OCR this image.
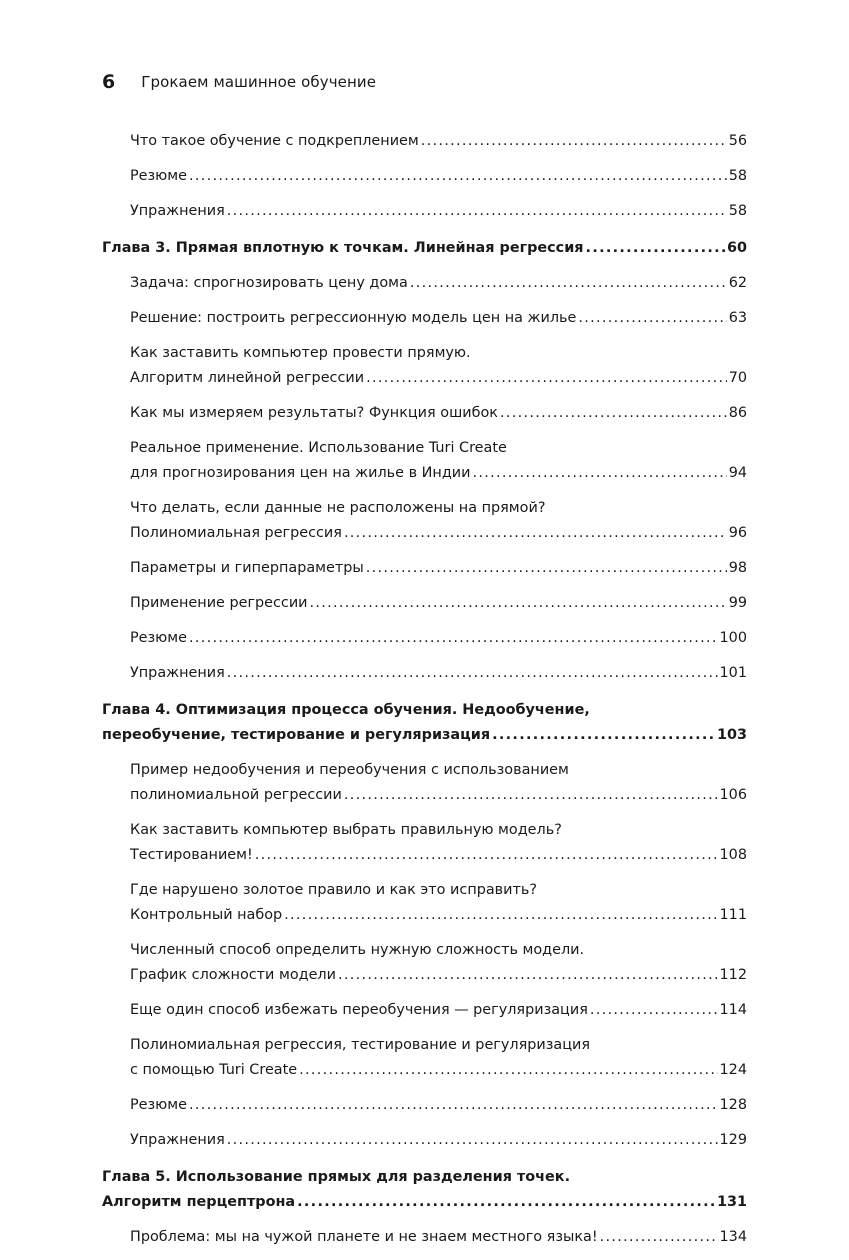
6 Грокаем машинное обучение
Что такое обучение с подкреплением .....	56
Резюме .....	58
Упражнения .....	58
Глава 3. Прямая вплотную к точкам. Линейная регрессия .....	60
Задача: спрогнозировать цену дома .....	62
Решение: построить регрессионную модель цен на жилье .....	63
Как заставить компьютер провести прямую.
Алгоритм линейной регрессии .....	70
Как мы измеряем результаты? Функция ошибок .....	86
Реальное применение. Использование Turi Create
для прогнозирования цен на жилье в Индии .....	94
Что делать, если данные не расположены на прямой?
Полиномиальная регрессия .....	96
Параметры и гиперпараметры .....	98
Применение регрессии .....	99
Резюме .....	100
Упражнения .....	101
Глава 4. Оптимизация процесса обучения. Недообучение,
переобучение, тестирование и регуляризация .....	103
Пример недообучения и переобучения с использованием
полиномиальной регрессии .....	106
Как заставить компьютер выбрать правильную модель?
Тестированием! .....	108
Где нарушено золотое правило и как это исправить?
Контрольный набор .....	111
Численный способ определить нужную сложность модели.
График сложности модели .....	112
Еще один способ избежать переобучения — регуляризация .....	114
Полиномиальная регрессия, тестирование и регуляризация
с помощью Turi Create .....	124
Резюме .....	128
Упражнения .....	129
Глава 5. Использование прямых для разделения точек.
Алгоритм перцептрона .....	131
Проблема: мы на чужой планете и не знаем местного языка! .....	134
